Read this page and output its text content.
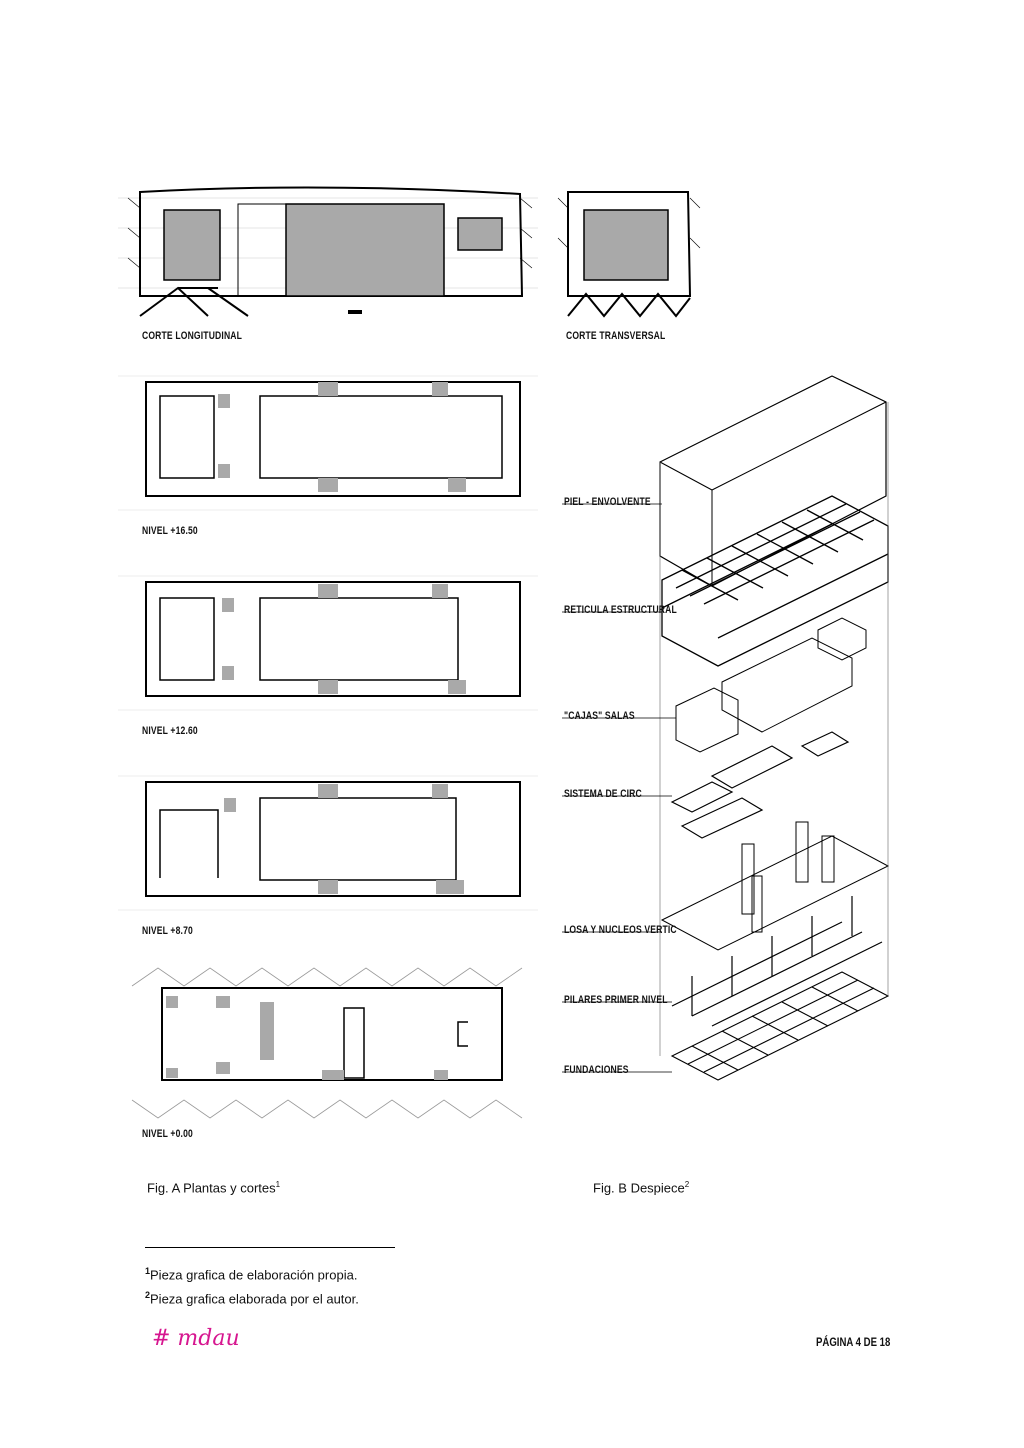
CORTE LONGITUDINAL	CORTE TRANSVERSAL
NIVEL +16.50
NIVEL +12.60
NIVEL +8.70
NIVEL +0.00
PIEL - ENVOLVENTE
RETICULA ESTRUCTURAL
"CAJAS" SALAS
SISTEMA DE CIRC
LOSA Y NUCLEOS VERTIC
PILARES PRIMER NIVEL
FUNDACIONES
Fig. A Plantas y cortes$^1$	Fig. B Despiece$^2$
$^1$Pieza grafica de elaboración propia.
$^2$Pieza grafica elaborada por el autor.
# mdau	PÁGINA 4 DE 18
